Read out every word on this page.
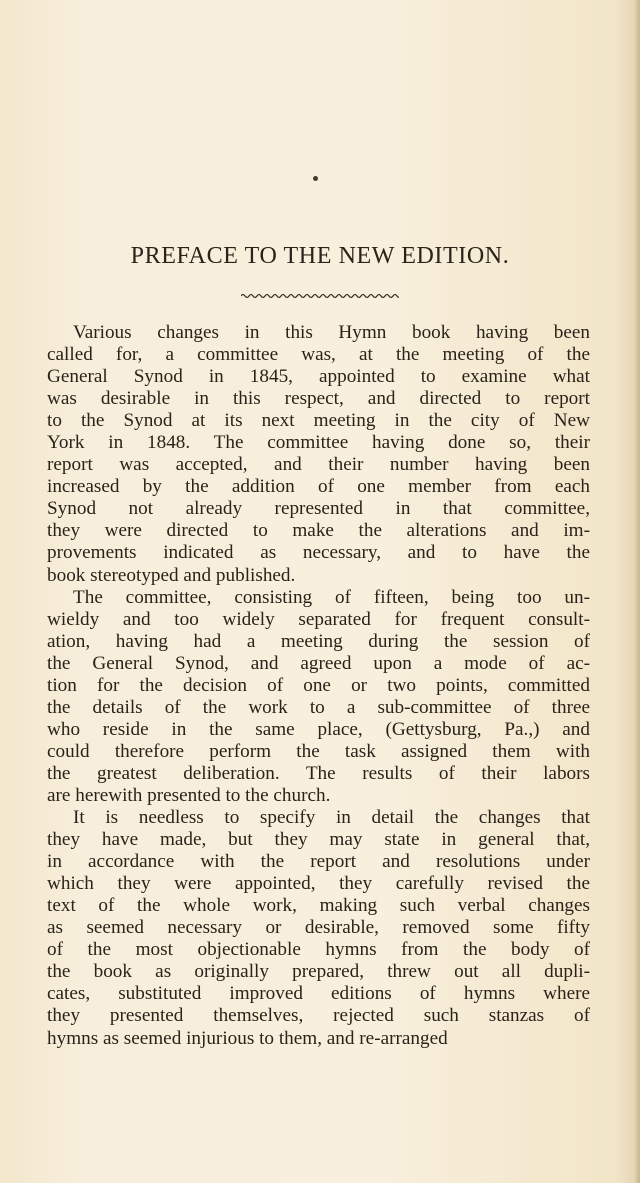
PREFACE TO THE NEW EDITION.
Various changes in this Hymn book having been
called for, a committee was, at the meeting of the
General Synod in 1845, appointed to examine what
was desirable in this respect, and directed to report
to the Synod at its next meeting in the city of New
York in 1848. The committee having done so, their
report was accepted, and their number having been
increased by the addition of one member from each
Synod not already represented in that committee,
they were directed to make the alterations and im-
provements indicated as necessary, and to have the
book stereotyped and published.
The committee, consisting of fifteen, being too un-
wieldy and too widely separated for frequent consult-
ation, having had a meeting during the session of
the General Synod, and agreed upon a mode of ac-
tion for the decision of one or two points, committed
the details of the work to a sub-committee of three
who reside in the same place, (Gettysburg, Pa.,) and
could therefore perform the task assigned them with
the greatest deliberation. The results of their labors
are herewith presented to the church.
It is needless to specify in detail the changes that
they have made, but they may state in general that,
in accordance with the report and resolutions under
which they were appointed, they carefully revised the
text of the whole work, making such verbal changes
as seemed necessary or desirable, removed some fifty
of the most objectionable hymns from the body of
the book as originally prepared, threw out all dupli-
cates, substituted improved editions of hymns where
they presented themselves, rejected such stanzas of
hymns as seemed injurious to them, and re-arranged
